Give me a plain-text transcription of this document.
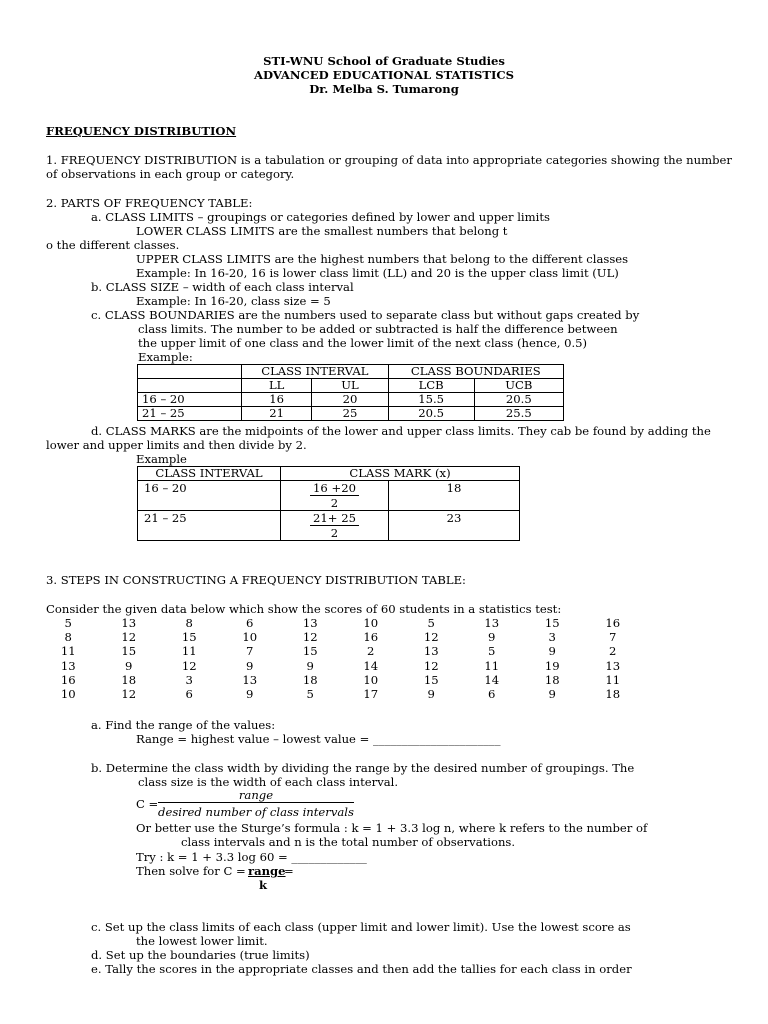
STI-WNU School of Graduate Studies
ADVANCED EDUCATIONAL STATISTICS
Dr. Melba S. Tumarong
FREQUENCY DISTRIBUTION
1. FREQUENCY DISTRIBUTION is a tabulation or grouping of data into appropriate categories showing the number
of observations in each group or category.
2. PARTS OF FREQUENCY TABLE:
a. CLASS LIMITS – groupings or categories defined by lower and upper limits
LOWER CLASS LIMITS are the smallest numbers that belong t
o the different classes.
UPPER CLASS LIMITS are the highest numbers that belong to the different classes
Example: In 16-20, 16 is lower class limit (LL) and 20 is the upper class limit (UL)
b. CLASS SIZE – width of each class interval
Example: In 16-20, class size = 5
c. CLASS BOUNDARIES are the numbers used to separate class but without gaps created by
class limits. The number to be added or subtracted is half the difference between
the upper limit of one class and the lower limit of the next class (hence, 0.5)
Example:
	CLASS INTERVAL		CLASS BOUNDARIES	
	LL	UL	LCB	UCB
16 – 20	16	20	15.5	20.5
21 – 25	21	25	20.5	25.5
d. CLASS MARKS are the midpoints of the lower and upper class limits. They cab be found by adding the
lower and upper limits and then divide by 2.
Example
CLASS INTERVAL	CLASS MARK (x)	
16 – 20	$\frac{16 +20}{2}$	18
21 – 25	$\frac{21+ 25}{2}$	23
3. STEPS IN CONSTRUCTING A FREQUENCY DISTRIBUTION TABLE:
Consider the given data below which show the scores of 60 students in a statistics test:
5	13	8	6	13	10	5	13	15	16
8	12	15	10	12	16	12	9	3	7
11	15	11	7	15	2	13	5	9	2
13	9	12	9	9	14	12	11	19	13
16	18	3	13	18	10	15	14	18	11
10	12	6	9	5	17	9	6	9	18
a. Find the range of the values:
Range = highest value – lowest value = ______________________
b. Determine the class width by dividing the range by the desired number of groupings. The
class size is the width of each class interval.
C =
range
desired number of class intervals
Or better use the Sturge’s formula : k = 1 + 3.3 log n, where k refers to the number of
class intervals and n is the total number of observations.
Try : k = 1 + 3.3 log 60 = _____________
Then solve for C = range
=
k
c. Set up the class limits of each class (upper limit and lower limit). Use the lowest score as
the lowest lower limit.
d. Set up the boundaries (true limits)
e. Tally the scores in the appropriate classes and then add the tallies for each class in order
